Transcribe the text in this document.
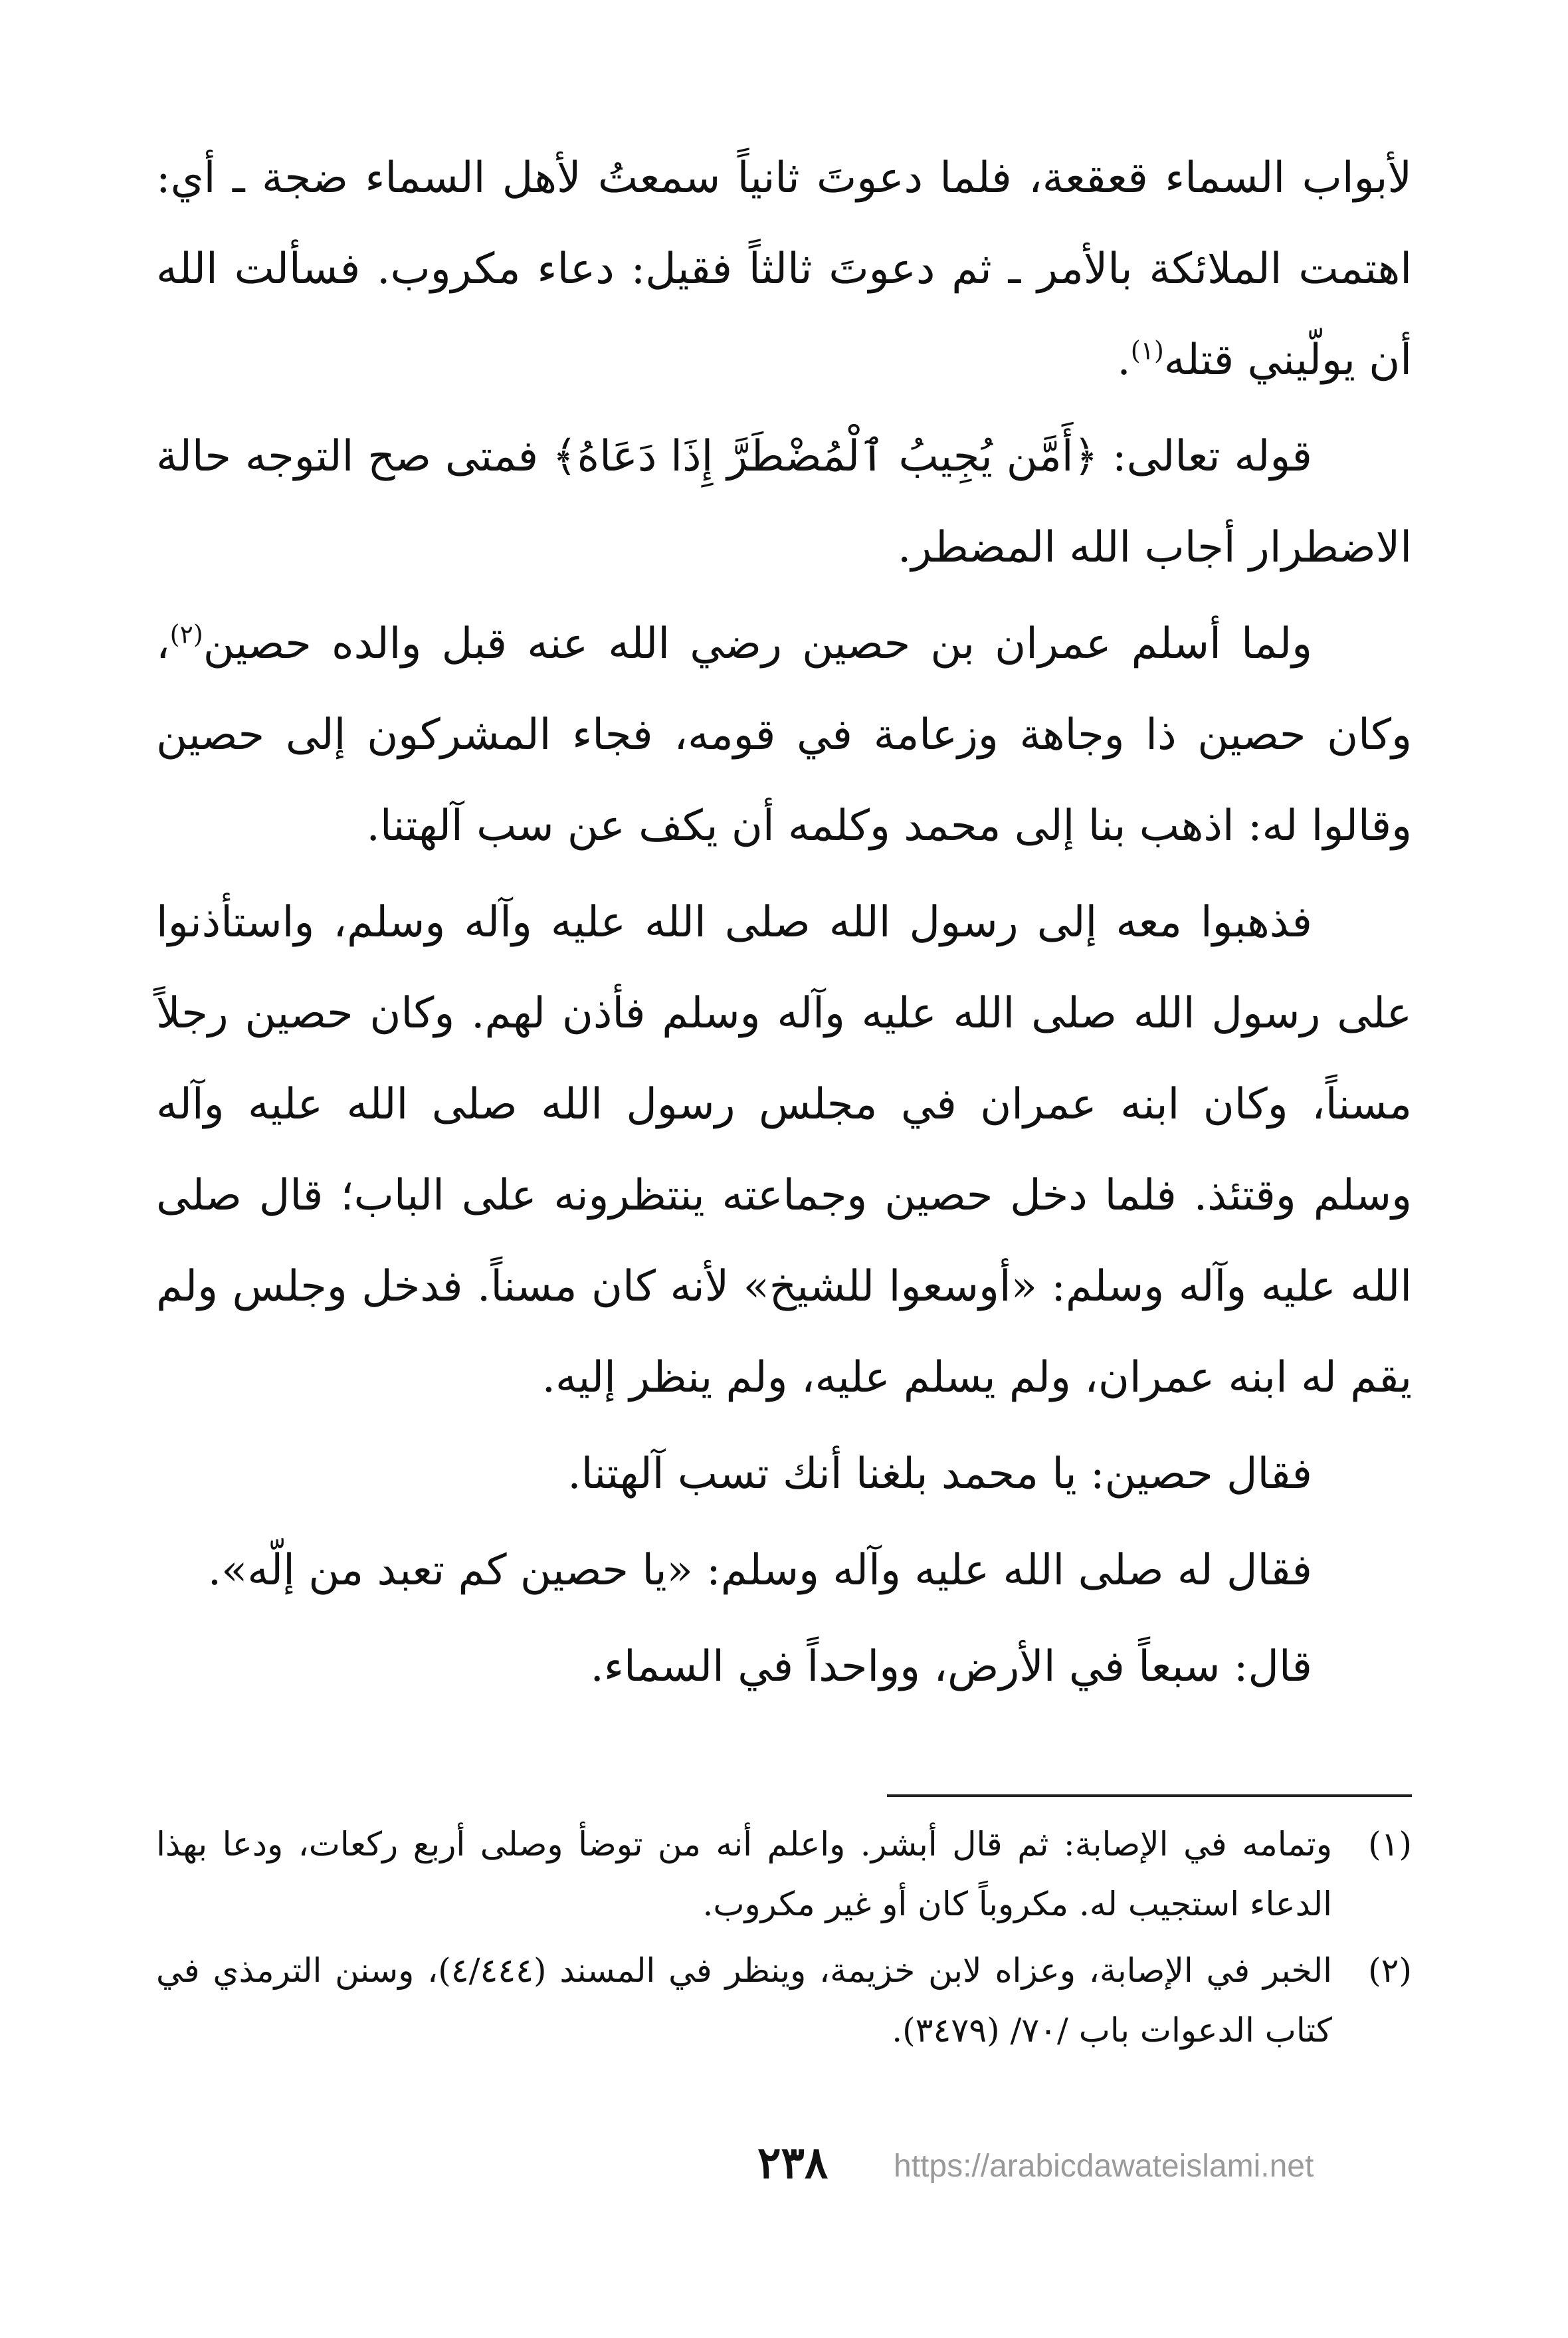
لأبواب السماء قعقعة، فلما دعوتَ ثانياً سمعتُ لأهل السماء ضجة ـ أي: اهتمت الملائكة بالأمر ـ ثم دعوتَ ثالثاً فقيل: دعاء مكروب. فسألت الله أن يولّيني قتله$^{(١)}$.

قوله تعالى: ﴿أَمَّن يُجِيبُ ٱلْمُضْطَرَّ إِذَا دَعَاهُ﴾ فمتى صح التوجه حالة الاضطرار أجاب الله المضطر.

ولما أسلم عمران بن حصين رضي الله عنه قبل والده حصين$^{(٢)}$، وكان حصين ذا وجاهة وزعامة في قومه، فجاء المشركون إلى حصين وقالوا له: اذهب بنا إلى محمد وكلمه أن يكف عن سب آلهتنا.

فذهبوا معه إلى رسول الله صلى الله عليه وآله وسلم، واستأذنوا على رسول الله صلى الله عليه وآله وسلم فأذن لهم. وكان حصين رجلاً مسناً، وكان ابنه عمران في مجلس رسول الله صلى الله عليه وآله وسلم وقتئذ. فلما دخل حصين وجماعته ينتظرونه على الباب؛ قال صلى الله عليه وآله وسلم: «أوسعوا للشيخ» لأنه كان مسناً. فدخل وجلس ولم يقم له ابنه عمران، ولم يسلم عليه، ولم ينظر إليه.

فقال حصين: يا محمد بلغنا أنك تسب آلهتنا.

فقال له صلى الله عليه وآله وسلم: «يا حصين كم تعبد من إلّه».

قال: سبعاً في الأرض، وواحداً في السماء.

(١)
وتمامه في الإصابة: ثم قال أبشر. واعلم أنه من توضأ وصلى أربع ركعات، ودعا بهذا الدعاء استجيب له. مكروباً كان أو غير مكروب.
(٢)
الخبر في الإصابة، وعزاه لابن خزيمة، وينظر في المسند (٤/٤٤٤)، وسنن الترمذي في كتاب الدعوات باب /٧٠/ (٣٤٧٩).
٢٣٨ https://arabicdawateislami.net
